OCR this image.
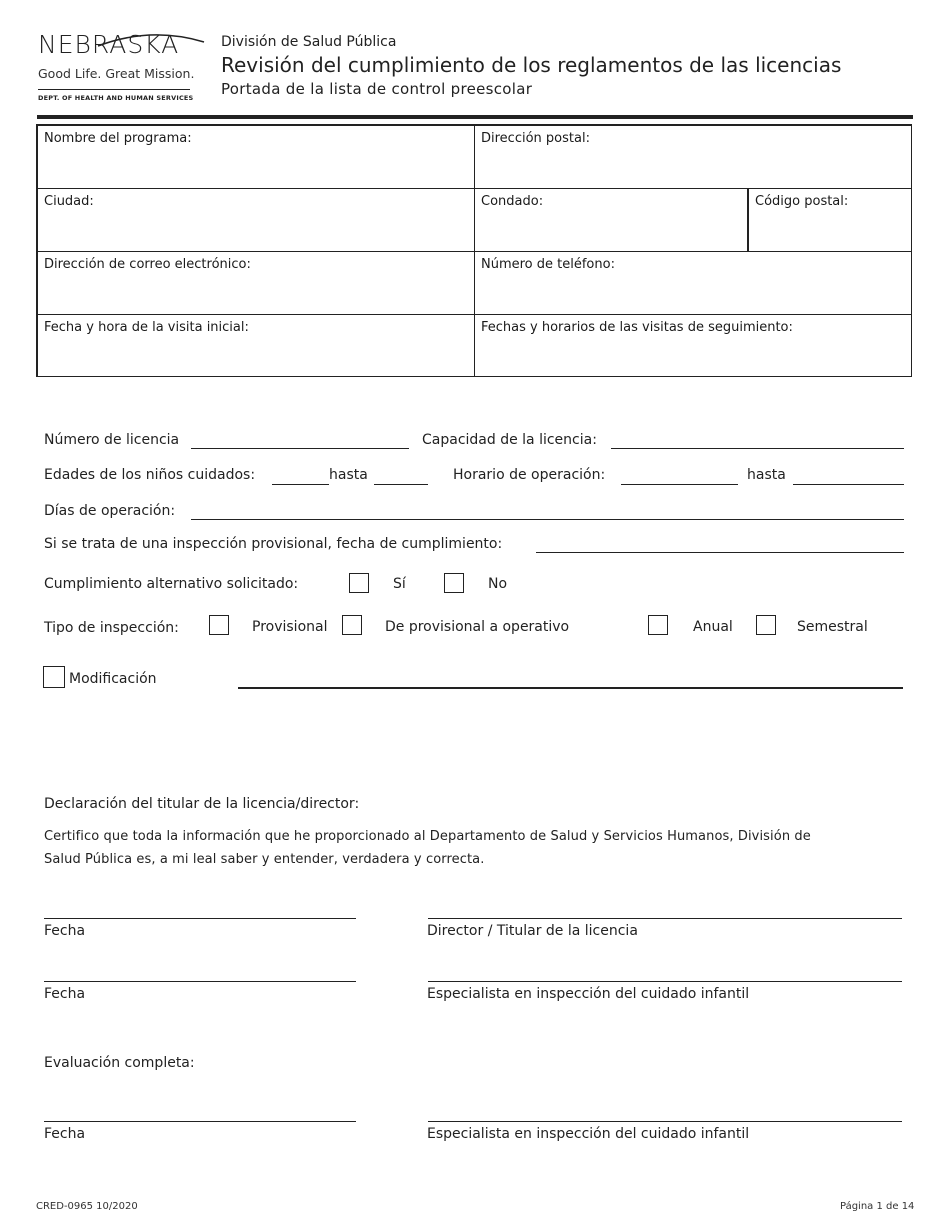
NEBRASKA
Good Life. Great Mission.
DEPT. OF HEALTH AND HUMAN SERVICES
División de Salud Pública
Revisión del cumplimiento de los reglamentos de las licencias
Portada de la lista de control preescolar
Nombre del programa:	Dirección postal:
Ciudad:	Condado:	Código postal:
Dirección de correo electrónico:	Número de teléfono:
Fecha y hora de la visita inicial:	Fechas y horarios de las visitas de seguimiento:
Número de licencia	Capacidad de la licencia:
Edades de los niños cuidados:	hasta	Horario de operación:	hasta
Días de operación:
Si se trata de una inspección provisional, fecha de cumplimiento:
Cumplimiento alternativo solicitado:	Sí	No
Tipo de inspección:	Provisional	De provisional a operativo	Anual	Semestral
Modificación
Declaración del titular de la licencia/director:
Certifico que toda la información que he proporcionado al Departamento de Salud y Servicios Humanos, División de
Salud Pública es, a mi leal saber y entender, verdadera y correcta.
Fecha	Director / Titular de la licencia
Fecha	Especialista en inspección del cuidado infantil
Evaluación completa:
Fecha	Especialista en inspección del cuidado infantil
CRED-0965 10/2020	Página 1 de 14
